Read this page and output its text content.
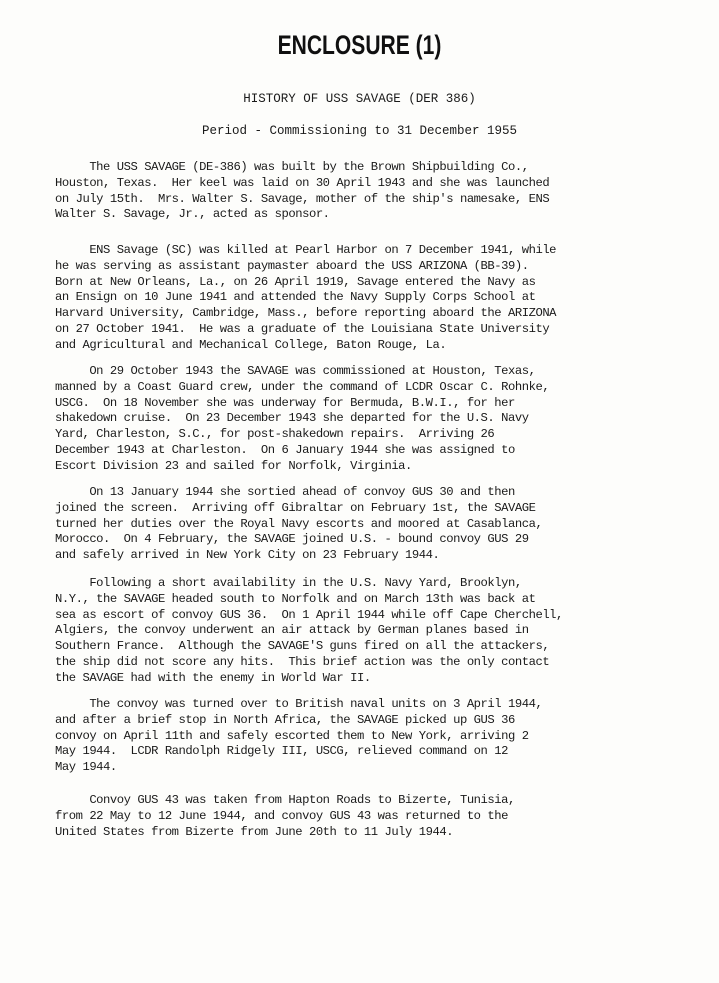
ENCLOSURE (1)
HISTORY OF USS SAVAGE (DER 386)
Period - Commissioning to 31 December 1955
The USS SAVAGE (DE-386) was built by the Brown Shipbuilding Co.,
Houston, Texas.  Her keel was laid on 30 April 1943 and she was launched
on July 15th.  Mrs. Walter S. Savage, mother of the ship's namesake, ENS
Walter S. Savage, Jr., acted as sponsor.
ENS Savage (SC) was killed at Pearl Harbor on 7 December 1941, while
he was serving as assistant paymaster aboard the USS ARIZONA (BB-39).
Born at New Orleans, La., on 26 April 1919, Savage entered the Navy as
an Ensign on 10 June 1941 and attended the Navy Supply Corps School at
Harvard University, Cambridge, Mass., before reporting aboard the ARIZONA
on 27 October 1941.  He was a graduate of the Louisiana State University
and Agricultural and Mechanical College, Baton Rouge, La.
On 29 October 1943 the SAVAGE was commissioned at Houston, Texas,
manned by a Coast Guard crew, under the command of LCDR Oscar C. Rohnke,
USCG.  On 18 November she was underway for Bermuda, B.W.I., for her
shakedown cruise.  On 23 December 1943 she departed for the U.S. Navy
Yard, Charleston, S.C., for post-shakedown repairs.  Arriving 26
December 1943 at Charleston.  On 6 January 1944 she was assigned to
Escort Division 23 and sailed for Norfolk, Virginia.
On 13 January 1944 she sortied ahead of convoy GUS 30 and then
joined the screen.  Arriving off Gibraltar on February 1st, the SAVAGE
turned her duties over the Royal Navy escorts and moored at Casablanca,
Morocco.  On 4 February, the SAVAGE joined U.S. - bound convoy GUS 29
and safely arrived in New York City on 23 February 1944.
Following a short availability in the U.S. Navy Yard, Brooklyn,
N.Y., the SAVAGE headed south to Norfolk and on March 13th was back at
sea as escort of convoy GUS 36.  On 1 April 1944 while off Cape Cherchell,
Algiers, the convoy underwent an air attack by German planes based in
Southern France.  Although the SAVAGE'S guns fired on all the attackers,
the ship did not score any hits.  This brief action was the only contact
the SAVAGE had with the enemy in World War II.
The convoy was turned over to British naval units on 3 April 1944,
and after a brief stop in North Africa, the SAVAGE picked up GUS 36
convoy on April 11th and safely escorted them to New York, arriving 2
May 1944.  LCDR Randolph Ridgely III, USCG, relieved command on 12
May 1944.
Convoy GUS 43 was taken from Hapton Roads to Bizerte, Tunisia,
from 22 May to 12 June 1944, and convoy GUS 43 was returned to the
United States from Bizerte from June 20th to 11 July 1944.
